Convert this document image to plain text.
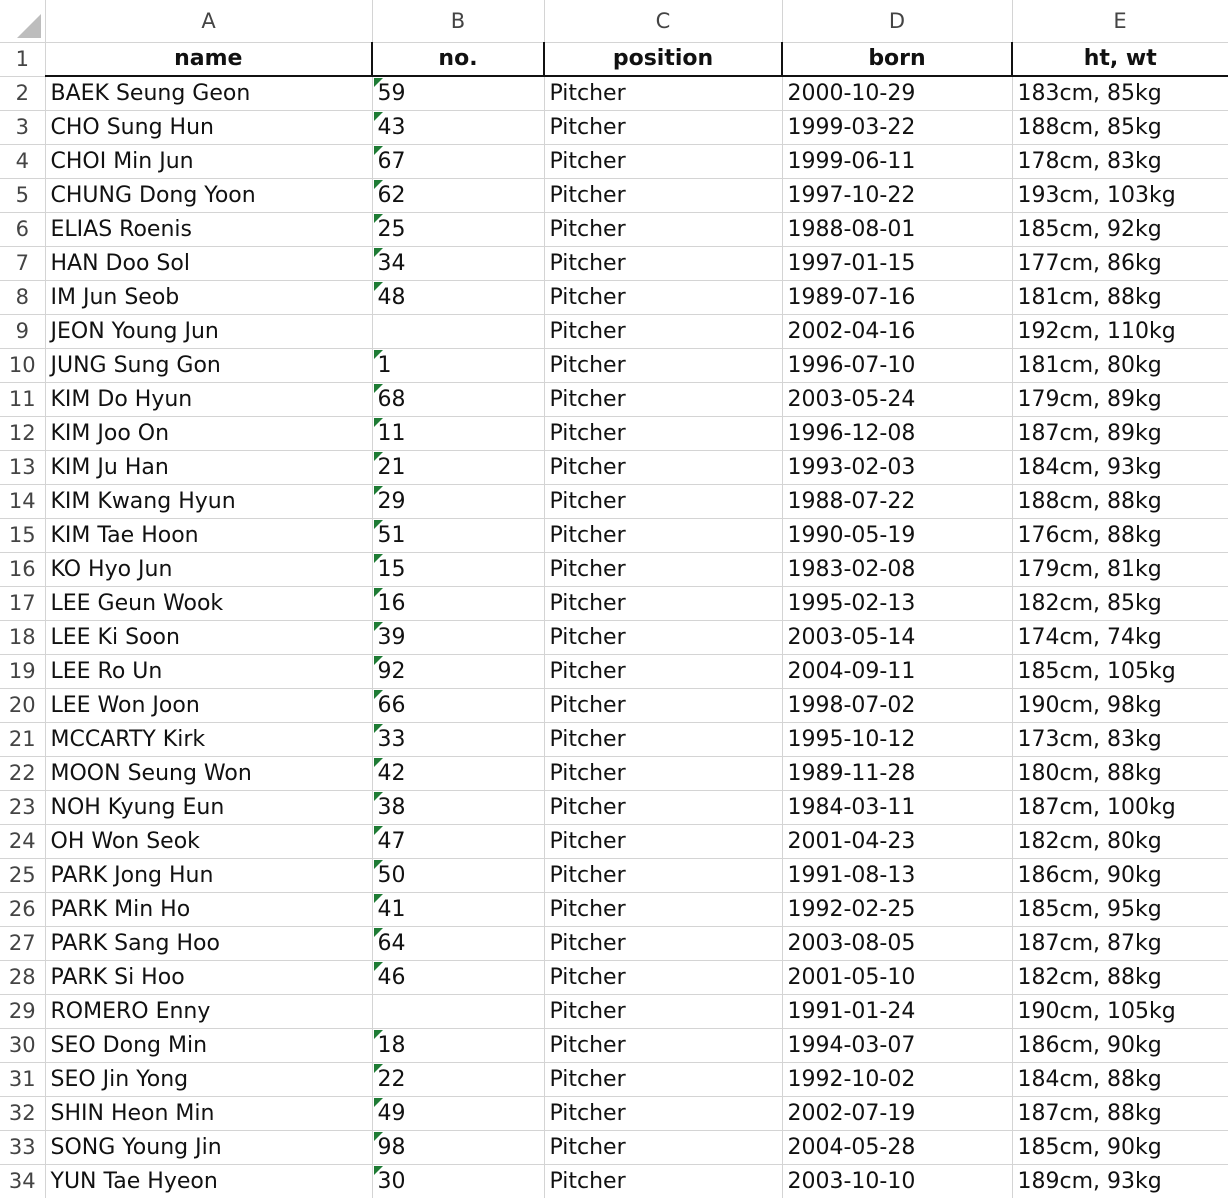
	A	B	C	D	E
1	name	no.	position	born	ht, wt
2	BAEK Seung Geon	59	Pitcher	2000-10-29	183cm, 85kg
3	CHO Sung Hun	43	Pitcher	1999-03-22	188cm, 85kg
4	CHOI Min Jun	67	Pitcher	1999-06-11	178cm, 83kg
5	CHUNG Dong Yoon	62	Pitcher	1997-10-22	193cm, 103kg
6	ELIAS Roenis	25	Pitcher	1988-08-01	185cm, 92kg
7	HAN Doo Sol	34	Pitcher	1997-01-15	177cm, 86kg
8	IM Jun Seob	48	Pitcher	1989-07-16	181cm, 88kg
9	JEON Young Jun		Pitcher	2002-04-16	192cm, 110kg
10	JUNG Sung Gon	1	Pitcher	1996-07-10	181cm, 80kg
11	KIM Do Hyun	68	Pitcher	2003-05-24	179cm, 89kg
12	KIM Joo On	11	Pitcher	1996-12-08	187cm, 89kg
13	KIM Ju Han	21	Pitcher	1993-02-03	184cm, 93kg
14	KIM Kwang Hyun	29	Pitcher	1988-07-22	188cm, 88kg
15	KIM Tae Hoon	51	Pitcher	1990-05-19	176cm, 88kg
16	KO Hyo Jun	15	Pitcher	1983-02-08	179cm, 81kg
17	LEE Geun Wook	16	Pitcher	1995-02-13	182cm, 85kg
18	LEE Ki Soon	39	Pitcher	2003-05-14	174cm, 74kg
19	LEE Ro Un	92	Pitcher	2004-09-11	185cm, 105kg
20	LEE Won Joon	66	Pitcher	1998-07-02	190cm, 98kg
21	MCCARTY Kirk	33	Pitcher	1995-10-12	173cm, 83kg
22	MOON Seung Won	42	Pitcher	1989-11-28	180cm, 88kg
23	NOH Kyung Eun	38	Pitcher	1984-03-11	187cm, 100kg
24	OH Won Seok	47	Pitcher	2001-04-23	182cm, 80kg
25	PARK Jong Hun	50	Pitcher	1991-08-13	186cm, 90kg
26	PARK Min Ho	41	Pitcher	1992-02-25	185cm, 95kg
27	PARK Sang Hoo	64	Pitcher	2003-08-05	187cm, 87kg
28	PARK Si Hoo	46	Pitcher	2001-05-10	182cm, 88kg
29	ROMERO Enny		Pitcher	1991-01-24	190cm, 105kg
30	SEO Dong Min	18	Pitcher	1994-03-07	186cm, 90kg
31	SEO Jin Yong	22	Pitcher	1992-10-02	184cm, 88kg
32	SHIN Heon Min	49	Pitcher	2002-07-19	187cm, 88kg
33	SONG Young Jin	98	Pitcher	2004-05-28	185cm, 90kg
34	YUN Tae Hyeon	30	Pitcher	2003-10-10	189cm, 93kg
